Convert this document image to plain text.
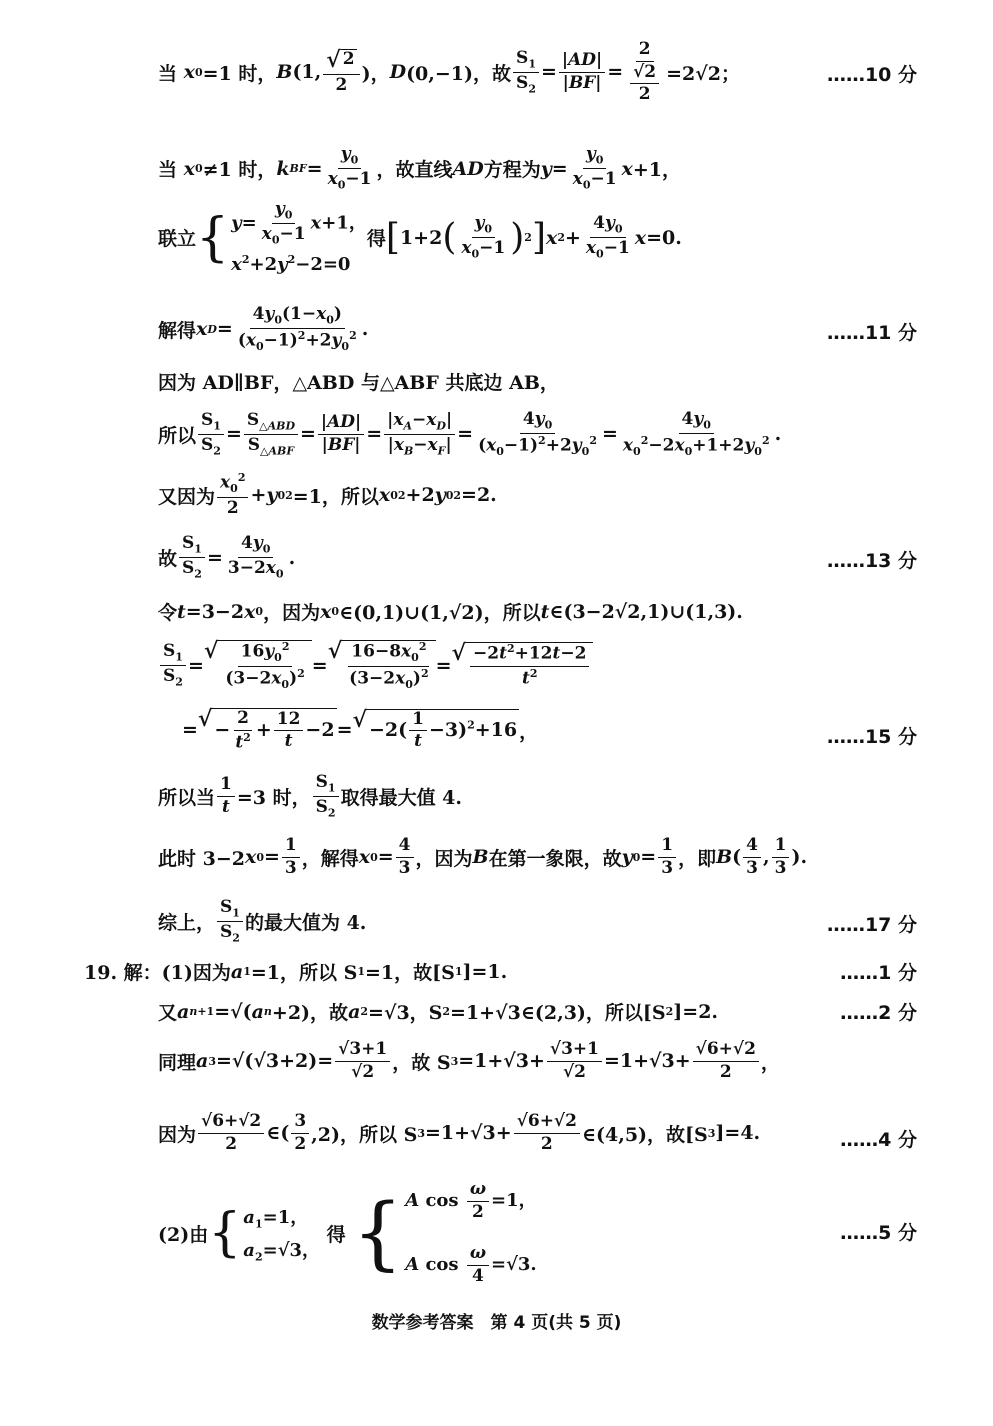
当 x 0 =1 时， B (1, $\frac{√ 2}{2}$ )， D (0,−1)，故 $\frac{S_1}{S_2} = \frac{|AD|}{|BF|} = \frac{2}{\frac{√2}{2}} =2√2$；	……10 分
当 x 0 ≠1 时， k BF = $\frac{y_0}{x_0-1}$ ，故直线 AD 方程为 $y = \frac{y_0}{x_0-1}$ x +1，
联立 { $y= \frac{y_0}{x_0-1} x+1$，
$x^2+2y^2-2=0$
得 [ 1+2 ( $\frac{y_0}{x_0-1}$ ) 2 ] x $2 + \frac{4y_0}{x_0-1}$ x =0.
解得 x $D = \frac{4y_0(1-x_0)}{(x_0-1)^2+2y_0^2}$ .	……11 分
因为 AD∥BF，△ABD 与△ABF 共底边 AB，
所以 $\frac{S_1}{S_2} = \frac{S_{\triangle ABD}}{S_{\triangle ABF}} = \frac{|AD|}{|BF|} = \frac{|x_A-x_D|}{|x_B-x_F|} = \frac{4y_0}{(x_0-1)^2+2y_0^2} = \frac{4y_0}{x_0^2-2x_0+1+2y_0^2}$ .
又因为 $\frac{x_0^2}{2} + y$ 0 2 =1，所以 x 0 2 +2 y 0 2 =2.
故 $\frac{S_1}{S_2} = \frac{4y_0}{3-2x_0}$ .	……13 分
令 t =3−2 x 0 ，因为 x 0 ∈(0,1)∪(1,√2)，所以 t ∈(3−2√2,1)∪(1,3).
$\frac{S_1}{S_2}$ =
√ $\frac{16y_0^2}{(3-2x_0)^2}$ =
√ $\frac{16-8x_0^2}{(3-2x_0)^2}$ = √ $\frac{-2t^2+12t-2}{t^2}$
= √ − $\frac{2}{t^2} + \frac{12}{t} -2$ = √ $-2( \frac{1}{t} -3)^2+16$ ，	……15 分
所以当 $\frac{1}{t} =3$ 时， $\frac{S_1}{S_2}$ 取得最大值 4.
此时 3−2 x $0 = \frac{1}{3}$ ，解得 x $0 = \frac{4}{3}$ ，因为 B 在第一象限，故 y $0 = \frac{1}{3}$ ，即 B ( $\frac{4}{3}$ , $\frac{1}{3}$ ).
综上， $\frac{S_1}{S_2}$ 的最大值为 4.	……17 分
19. 解：(1)因为 a 1 =1，所以 S 1 =1，故[S 1 ]=1.	……1 分
又 a n+1 =√( a n +2)，故 a 2 =√3，S 2 =1+√3∈(2,3)，所以[S 2 ]=2.	……2 分
同理 a $3 =√(√3+2)= \frac{√3+1}{√2}$ ，故 S $3 =1+√3+ \frac{√3+1}{√2} =1+√3+ \frac{√6+√2}{2}$ ，
因为 $\frac{√6+√2}{2}$ ∈( $\frac{3}{2} ,2$)，所以 S $3 =1+√3+ \frac{√6+√2}{2}$ ∈(4,5)，故[S 3 ]=4.	……4 分
(2)由 { $a_1=1$，
$a_2=√3$，
得 { A $\cos \frac{\omega}{2} =1$，
A $\cos \frac{\omega}{4} =√3$.
……5 分
数学参考答案　第 4 页(共 5 页)
